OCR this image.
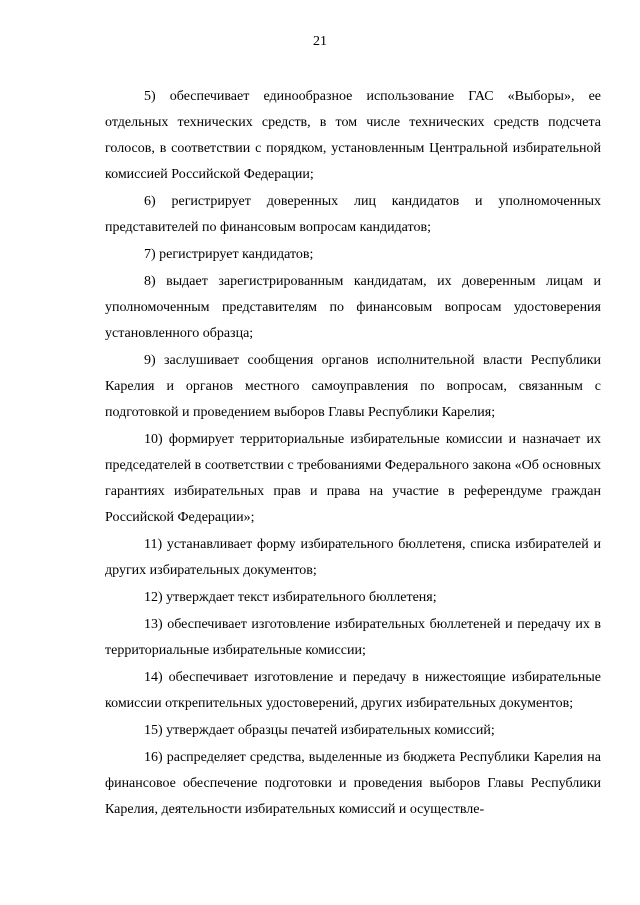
21

5) обеспечивает единообразное использование ГАС «Выборы», ее отдельных технических средств, в том числе технических средств подсчета голосов, в соответствии с порядком, установленным Центральной избирательной комиссией Российской Федерации;

6) регистрирует доверенных лиц кандидатов и уполномоченных представителей по финансовым вопросам кандидатов;

7) регистрирует кандидатов;

8) выдает зарегистрированным кандидатам, их доверенным лицам и уполномоченным представителям по финансовым вопросам удостоверения установленного образца;

9) заслушивает сообщения органов исполнительной власти Республики Карелия и органов местного самоуправления по вопросам, связанным с подготовкой и проведением выборов Главы Республики Карелия;

10) формирует территориальные избирательные комиссии и назначает их председателей в соответствии с требованиями Федерального закона «Об основных гарантиях избирательных прав и права на участие в референдуме граждан Российской Федерации»;

11) устанавливает форму избирательного бюллетеня, списка избирателей и других избирательных документов;

12) утверждает текст избирательного бюллетеня;

13) обеспечивает изготовление избирательных бюллетеней и передачу их в территориальные избирательные комиссии;

14) обеспечивает изготовление и передачу в нижестоящие избирательные комиссии открепительных удостоверений, других избирательных документов;

15) утверждает образцы печатей избирательных комиссий;

16) распределяет средства, выделенные из бюджета Республики Карелия на финансовое обеспечение подготовки и проведения выборов Главы Республики Карелия, деятельности избирательных комиссий и осуществле-
